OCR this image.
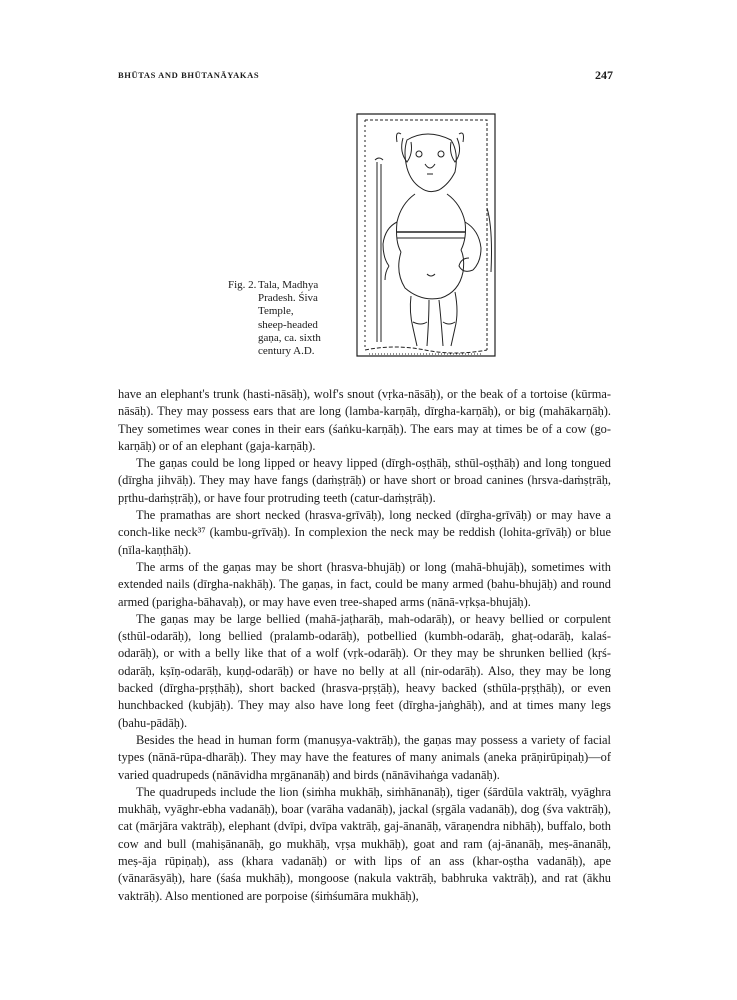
BHŪTAS AND BHŪTANĀYAKAS	247
Fig. 2. Tala, Madhya
Pradesh. Śiva
Temple,
sheep-headed
gaṇa, ca. sixth
century A.D.

have an elephant's trunk (hasti-nāsāḥ), wolf's snout (vṛka-nāsāḥ), or the beak of a tortoise (kūrma-nāsāḥ). They may possess ears that are long (lamba-karṇāḥ, dīrgha-karṇāḥ), or big (mahākarṇāḥ). They sometimes wear cones in their ears (śaṅku-karṇāḥ). The ears may at times be of a cow (go-karṇāḥ) or of an elephant (gaja-karṇāḥ).

The gaṇas could be long lipped or heavy lipped (dīrgh-oṣṭhāḥ, sthūl-oṣṭhāḥ) and long tongued (dīrgha jihvāḥ). They may have fangs (daṁṣṭrāḥ) or have short or broad canines (hrsva-daṁṣṭrāḥ, pṛthu-daṁṣṭrāḥ), or have four protruding teeth (catur-daṁṣṭrāḥ).

The pramathas are short necked (hrasva-grīvāḥ), long necked (dīrgha-grīvāḥ) or may have a conch-like neck³⁷ (kambu-grīvāḥ). In complexion the neck may be reddish (lohita-grīvāḥ) or blue (nīla-kaṇṭhāḥ).

The arms of the gaṇas may be short (hrasva-bhujāḥ) or long (mahā-bhujāḥ), sometimes with extended nails (dīrgha-nakhāḥ). The gaṇas, in fact, could be many armed (bahu-bhujāḥ) and round armed (parigha-bāhavaḥ), or may have even tree-shaped arms (nānā-vṛkṣa-bhujāḥ).

The gaṇas may be large bellied (mahā-jaṭharāḥ, mah-odarāḥ), or heavy bellied or corpulent (sthūl-odarāḥ), long bellied (pralamb-odarāḥ), potbellied (kumbh-odarāḥ, ghaṭ-odarāḥ, kalaś-odarāḥ), or with a belly like that of a wolf (vṛk-odarāḥ). Or they may be shrunken bellied (kṛś-odarāḥ, kṣīṇ-odarāḥ, kuṇḍ-odarāḥ) or have no belly at all (nir-odarāḥ). Also, they may be long backed (dīrgha-pṛṣṭhāḥ), short backed (hrasva-pṛṣṭāḥ), heavy backed (sthūla-pṛṣṭhāḥ), or even hunchbacked (kubjāḥ). They may also have long feet (dīrgha-jaṅghāḥ), and at times many legs (bahu-pādāḥ).

Besides the head in human form (manuṣya-vaktrāḥ), the gaṇas may possess a variety of facial types (nānā-rūpa-dharāḥ). They may have the features of many animals (aneka prāṇirūpiṇaḥ)—of varied quadrupeds (nānāvidha mṛgānanāḥ) and birds (nānāvihaṅga vadanāḥ).

The quadrupeds include the lion (siṁha mukhāḥ, siṁhānanāḥ), tiger (śārdūla vaktrāḥ, vyāghra mukhāḥ, vyāghr-ebha vadanāḥ), boar (varāha vadanāḥ), jackal (sṛgāla vadanāḥ), dog (śva vaktrāḥ), cat (mārjāra vaktrāḥ), elephant (dvīpi, dvīpa vaktrāḥ, gaj-ānanāḥ, vāraṇendra nibhāḥ), buffalo, both cow and bull (mahiṣānanāḥ, go mukhāḥ, vṛṣa mukhāḥ), goat and ram (aj-ānanāḥ, meṣ-ānanāḥ, meṣ-āja rūpiṇaḥ), ass (khara vadanāḥ) or with lips of an ass (khar-oṣtha vadanāḥ), ape (vānarāsyāḥ), hare (śaśa mukhāḥ), mongoose (nakula vaktrāḥ, babhruka vaktrāḥ), and rat (ākhu vaktrāḥ). Also mentioned are porpoise (śiṁśumāra mukhāḥ),
